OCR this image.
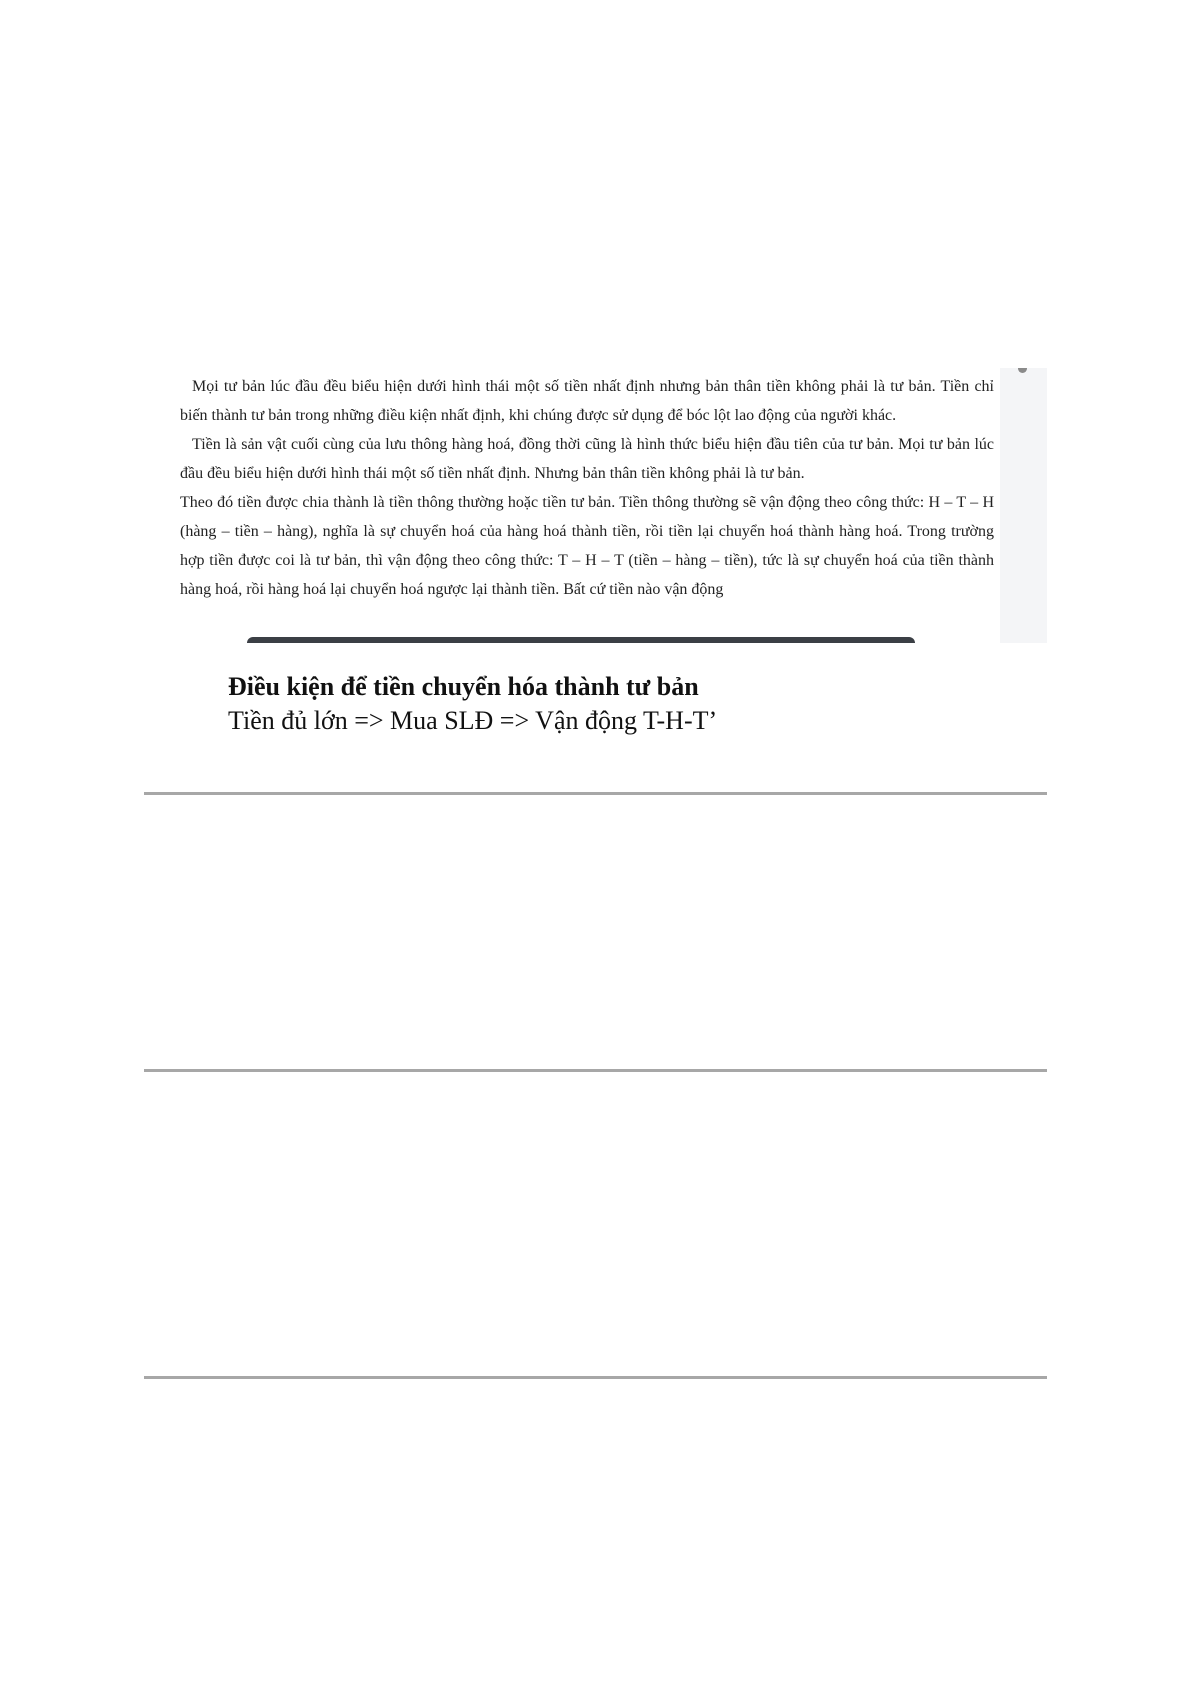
Mọi tư bản lúc đầu đều biểu hiện dưới hình thái một số tiền nhất định nhưng bản thân tiền không phải là tư bản. Tiền chỉ biến thành tư bản trong những điều kiện nhất định, khi chúng được sử dụng để bóc lột lao động của người khác.

Tiền là sản vật cuối cùng của lưu thông hàng hoá, đồng thời cũng là hình thức biểu hiện đầu tiên của tư bản. Mọi tư bản lúc đầu đều biểu hiện dưới hình thái một số tiền nhất định. Nhưng bản thân tiền không phải là tư bản.

Theo đó tiền được chia thành là tiền thông thường hoặc tiền tư bản. Tiền thông thường sẽ vận động theo công thức: H – T – H (hàng – tiền – hàng), nghĩa là sự chuyển hoá của hàng hoá thành tiền, rồi tiền lại chuyển hoá thành hàng hoá. Trong trường hợp tiền được coi là tư bản, thì vận động theo công thức: T – H – T (tiền – hàng – tiền), tức là sự chuyển hoá của tiền thành hàng hoá, rồi hàng hoá lại chuyển hoá ngược lại thành tiền. Bất cứ tiền nào vận động

Điều kiện để tiền chuyển hóa thành tư bản
Tiền đủ lớn => Mua SLĐ => Vận động T-H-T’
